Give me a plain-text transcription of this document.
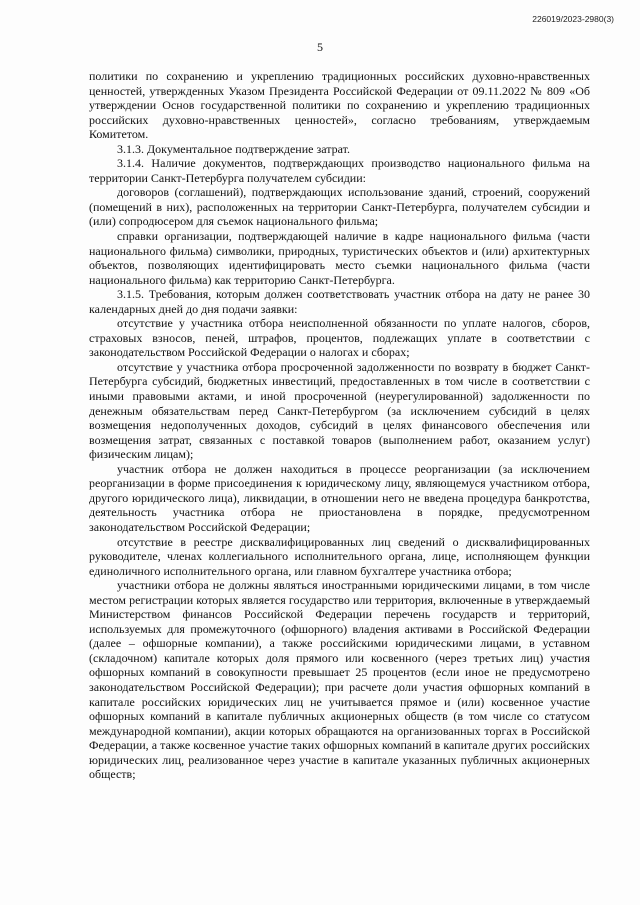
226019/2023-2980(3)
5

политики по сохранению и укреплению традиционных российских духовно-нравственных ценностей, утвержденных Указом Президента Российской Федерации от 09.11.2022 № 809 «Об утверждении Основ государственной политики по сохранению и укреплению традиционных российских духовно-нравственных ценностей», согласно требованиям, утверждаемым Комитетом.

3.1.3. Документальное подтверждение затрат.

3.1.4. Наличие документов, подтверждающих производство национального фильма на территории Санкт-Петербурга получателем субсидии:

договоров (соглашений), подтверждающих использование зданий, строений, сооружений (помещений в них), расположенных на территории Санкт-Петербурга, получателем субсидии и (или) сопродюсером для съемок национального фильма;

справки организации, подтверждающей наличие в кадре национального фильма (части национального фильма) символики, природных, туристических объектов и (или) архитектурных объектов, позволяющих идентифицировать место съемки национального фильма (части национального фильма) как территорию Санкт-Петербурга.

3.1.5. Требования, которым должен соответствовать участник отбора на дату не ранее 30 календарных дней до дня подачи заявки:

отсутствие у участника отбора неисполненной обязанности по уплате налогов, сборов, страховых взносов, пеней, штрафов, процентов, подлежащих уплате в соответствии с законодательством Российской Федерации о налогах и сборах;

отсутствие у участника отбора просроченной задолженности по возврату в бюджет Санкт-Петербурга субсидий, бюджетных инвестиций, предоставленных в том числе в соответствии с иными правовыми актами, и иной просроченной (неурегулированной) задолженности по денежным обязательствам перед Санкт-Петербургом (за исключением субсидий в целях возмещения недополученных доходов, субсидий в целях финансового обеспечения или возмещения затрат, связанных с поставкой товаров (выполнением работ, оказанием услуг) физическим лицам);

участник отбора не должен находиться в процессе реорганизации (за исключением реорганизации в форме присоединения к юридическому лицу, являющемуся участником отбора, другого юридического лица), ликвидации, в отношении него не введена процедура банкротства, деятельность участника отбора не приостановлена в порядке, предусмотренном законодательством Российской Федерации;

отсутствие в реестре дисквалифицированных лиц сведений о дисквалифицированных руководителе, членах коллегиального исполнительного органа, лице, исполняющем функции единоличного исполнительного органа, или главном бухгалтере участника отбора;

участники отбора не должны являться иностранными юридическими лицами, в том числе местом регистрации которых является государство или территория, включенные в утверждаемый Министерством финансов Российской Федерации перечень государств и территорий, используемых для промежуточного (офшорного) владения активами в Российской Федерации (далее – офшорные компании), а также российскими юридическими лицами, в уставном (складочном) капитале которых доля прямого или косвенного (через третьих лиц) участия офшорных компаний в совокупности превышает 25 процентов (если иное не предусмотрено законодательством Российской Федерации); при расчете доли участия офшорных компаний в капитале российских юридических лиц не учитывается прямое и (или) косвенное участие офшорных компаний в капитале публичных акционерных обществ (в том числе со статусом международной компании), акции которых обращаются на организованных торгах в Российской Федерации, а также косвенное участие таких офшорных компаний в капитале других российских юридических лиц, реализованное через участие в капитале указанных публичных акционерных обществ;
